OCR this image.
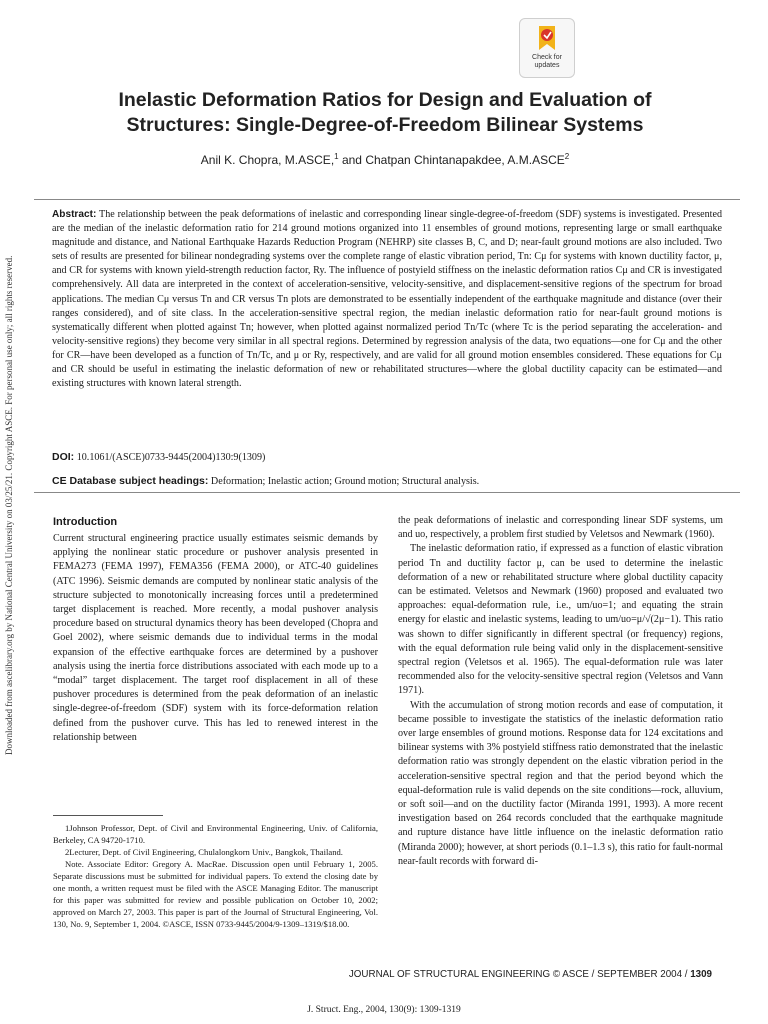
Downloaded from ascelibrary.org by National Central University on 03/25/21. Copyright ASCE. For personal use only; all rights reserved.
Check for
updates
Inelastic Deformation Ratios for Design and Evaluation of
Structures: Single-Degree-of-Freedom Bilinear Systems
Anil K. Chopra, M.ASCE,$^1$ and Chatpan Chintanapakdee, A.M.ASCE$^2$
Abstract: The relationship between the peak deformations of inelastic and corresponding linear single-degree-of-freedom (SDF) systems is investigated. Presented are the median of the inelastic deformation ratio for 214 ground motions organized into 11 ensembles of ground motions, representing large or small earthquake magnitude and distance, and National Earthquake Hazards Reduction Program (NEHRP) site classes B, C, and D; near-fault ground motions are also included. Two sets of results are presented for bilinear nondegrading systems over the complete range of elastic vibration period, Tn: Cμ for systems with known ductility factor, μ, and CR for systems with known yield-strength reduction factor, Ry. The influence of postyield stiffness on the inelastic deformation ratios Cμ and CR is investigated comprehensively. All data are interpreted in the context of acceleration-sensitive, velocity-sensitive, and displacement-sensitive regions of the spectrum for broad applications. The median Cμ versus Tn and CR versus Tn plots are demonstrated to be essentially independent of the earthquake magnitude and distance (over their ranges considered), and of site class. In the acceleration-sensitive spectral region, the median inelastic deformation ratio for near-fault ground motions is systematically different when plotted against Tn; however, when plotted against normalized period Tn/Tc (where Tc is the period separating the acceleration- and velocity-sensitive regions) they become very similar in all spectral regions. Determined by regression analysis of the data, two equations—one for Cμ and the other for CR—have been developed as a function of Tn/Tc, and μ or Ry, respectively, and are valid for all ground motion ensembles considered. These equations for Cμ and CR should be useful in estimating the inelastic deformation of new or rehabilitated structures—where the global ductility capacity can be estimated—and existing structures with known lateral strength.
DOI: 10.1061/(ASCE)0733-9445(2004)130:9(1309)
CE Database subject headings: Deformation; Inelastic action; Ground motion; Structural analysis.
Introduction

Current structural engineering practice usually estimates seismic demands by applying the nonlinear static procedure or pushover analysis presented in FEMA273 (FEMA 1997), FEMA356 (FEMA 2000), or ATC-40 guidelines (ATC 1996). Seismic demands are computed by nonlinear static analysis of the structure subjected to monotonically increasing forces until a predetermined target displacement is reached. More recently, a modal pushover analysis procedure based on structural dynamics theory has been developed (Chopra and Goel 2002), where seismic demands due to individual terms in the modal expansion of the effective earthquake forces are determined by a pushover analysis using the inertia force distributions associated with each mode up to a “modal” target displacement. The target roof displacement in all of these pushover procedures is determined from the peak deformation of an inelastic single-degree-of-freedom (SDF) system with its force-deformation relation defined from the pushover curve. This has led to renewed interest in the relationship between

1Johnson Professor, Dept. of Civil and Environmental Engineering, Univ. of California, Berkeley, CA 94720-1710.

2Lecturer, Dept. of Civil Engineering, Chulalongkorn Univ., Bangkok, Thailand.

Note. Associate Editor: Gregory A. MacRae. Discussion open until February 1, 2005. Separate discussions must be submitted for individual papers. To extend the closing date by one month, a written request must be filed with the ASCE Managing Editor. The manuscript for this paper was submitted for review and possible publication on October 10, 2002; approved on March 27, 2003. This paper is part of the Journal of Structural Engineering, Vol. 130, No. 9, September 1, 2004. ©ASCE, ISSN 0733-9445/2004/9-1309–1319/$18.00.

the peak deformations of inelastic and corresponding linear SDF systems, um and uo, respectively, a problem first studied by Veletsos and Newmark (1960).

The inelastic deformation ratio, if expressed as a function of elastic vibration period Tn and ductility factor μ, can be used to determine the inelastic deformation of a new or rehabilitated structure where global ductility capacity can be estimated. Veletsos and Newmark (1960) proposed and evaluated two approaches: equal-deformation rule, i.e., um/uo=1; and equating the strain energy for elastic and inelastic systems, leading to um/uo=μ/√(2μ−1). This ratio was shown to differ significantly in different spectral (or frequency) regions, with the equal deformation rule being valid only in the displacement-sensitive spectral region (Veletsos et al. 1965). The equal-deformation rule was later recommended also for the velocity-sensitive spectral region (Veletsos and Vann 1971).

With the accumulation of strong motion records and ease of computation, it became possible to investigate the statistics of the inelastic deformation ratio over large ensembles of ground motions. Response data for 124 excitations and bilinear systems with 3% postyield stiffness ratio demonstrated that the inelastic deformation ratio was strongly dependent on the elastic vibration period in the acceleration-sensitive spectral region and that the period beyond which the equal-deformation rule is valid depends on the site conditions—rock, alluvium, or soft soil—and on the ductility factor (Miranda 1991, 1993). A more recent investigation based on 264 records concluded that the earthquake magnitude and rupture distance have little influence on the inelastic deformation ratio (Miranda 2000); however, at short periods (0.1–1.3 s), this ratio for fault-normal near-fault records with forward di-

JOURNAL OF STRUCTURAL ENGINEERING © ASCE / SEPTEMBER 2004 / 1309
J. Struct. Eng., 2004, 130(9): 1309-1319
